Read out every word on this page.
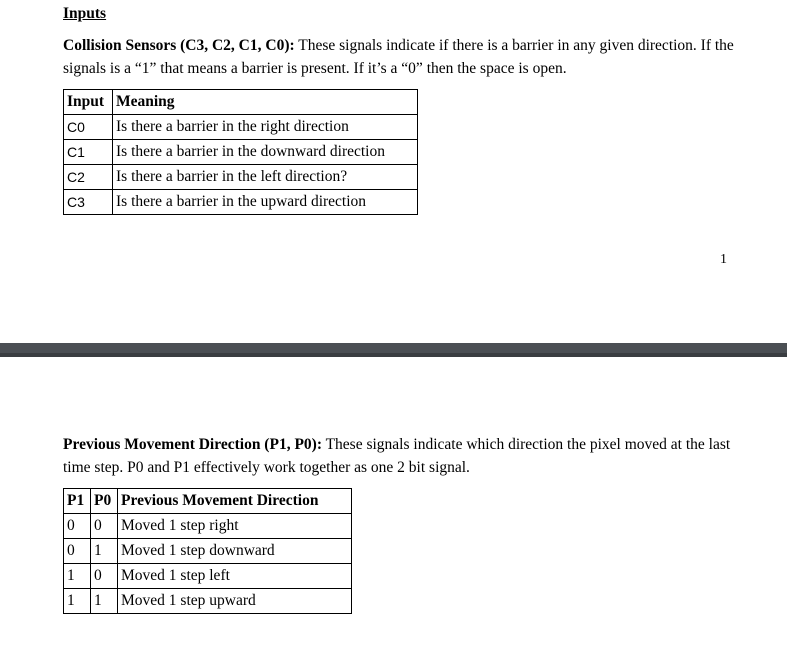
Inputs
Collision Sensors (C3, C2, C1, C0): These signals indicate if there is a barrier in any given direction. If the signals is a “1” that means a barrier is present. If it’s a “0” then the space is open.
Input	Meaning
C0	Is there a barrier in the right direction
C1	Is there a barrier in the downward direction
C2	Is there a barrier in the left direction?
C3	Is there a barrier in the upward direction
1
Previous Movement Direction (P1, P0): These signals indicate which direction the pixel moved at the last time step. P0 and P1 effectively work together as one 2 bit signal.
P1	P0	Previous Movement Direction
0	0	Moved 1 step right
0	1	Moved 1 step downward
1	0	Moved 1 step left
1	1	Moved 1 step upward
